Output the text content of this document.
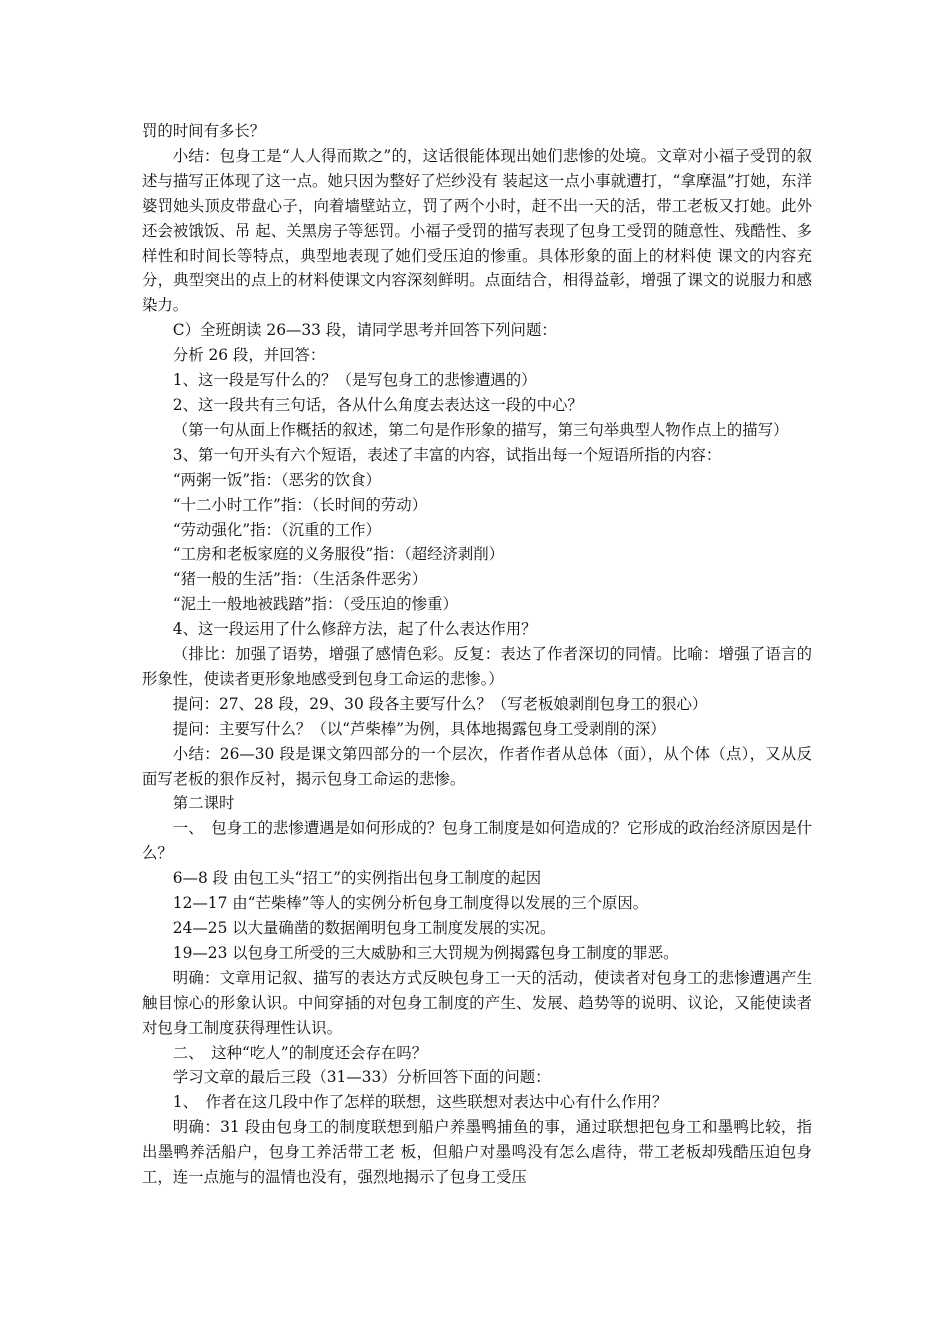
罚的时间有多长？

小结：包身工是“人人得而欺之”的，这话很能体现出她们悲惨的处境。文章对小福子受罚的叙述与描写正体现了这一点。她只因为整好了烂纱没有 装起这一点小事就遭打，“拿摩温”打她，东洋婆罚她头顶皮带盘心子，向着墙壁站立，罚了两个小时，赶不出一天的活，带工老板又打她。此外还会被饿饭、吊 起、关黑房子等惩罚。小福子受罚的描写表现了包身工受罚的随意性、残酷性、多样性和时间长等特点，典型地表现了她们受压迫的惨重。具体形象的面上的材料使 课文的内容充分，典型突出的点上的材料使课文内容深刻鲜明。点面结合，相得益彰，增强了课文的说服力和感染力。

C）全班朗读 26—33 段，请同学思考并回答下列问题：

分析 26 段，并回答：

1、这一段是写什么的？（是写包身工的悲惨遭遇的）

2、这一段共有三句话，各从什么角度去表达这一段的中心？

（第一句从面上作概括的叙述，第二句是作形象的描写，第三句举典型人物作点上的描写）

3、第一句开头有六个短语，表述了丰富的内容，试指出每一个短语所指的内容：

“两粥一饭”指：（恶劣的饮食）

“十二小时工作”指：（长时间的劳动）

“劳动强化”指：（沉重的工作）

“工房和老板家庭的义务服役”指：（超经济剥削）

“猪一般的生活”指：（生活条件恶劣）

“泥土一般地被践踏”指：（受压迫的惨重）

4、这一段运用了什么修辞方法，起了什么表达作用？

（排比：加强了语势，增强了感情色彩。反复：表达了作者深切的同情。比喻：增强了语言的形象性，使读者更形象地感受到包身工命运的悲惨。）

提问：27、28 段，29、30 段各主要写什么？（写老板娘剥削包身工的狠心）

提问：主要写什么？（以“芦柴棒”为例，具体地揭露包身工受剥削的深）

小结：26—30 段是课文第四部分的一个层次，作者作者从总体（面），从个体（点），又从反面写老板的狠作反衬，揭示包身工命运的悲惨。

第二课时

一、　包身工的悲惨遭遇是如何形成的？包身工制度是如何造成的？它形成的政治经济原因是什么？

6—8 段 由包工头“招工”的实例指出包身工制度的起因

12—17 由“芒柴棒”等人的实例分析包身工制度得以发展的三个原因。

24—25 以大量确凿的数据阐明包身工制度发展的实况。

19—23 以包身工所受的三大威胁和三大罚规为例揭露包身工制度的罪恶。

明确：文章用记叙、描写的表达方式反映包身工一天的活动，使读者对包身工的悲惨遭遇产生触目惊心的形象认识。中间穿插的对包身工制度的产生、发展、趋势等的说明、议论，又能使读者对包身工制度获得理性认识。

二、　这种“吃人”的制度还会存在吗？

学习文章的最后三段（31—33）分析回答下面的问题：

1、　作者在这几段中作了怎样的联想，这些联想对表达中心有什么作用？

明确：31 段由包身工的制度联想到船户养墨鸭捕鱼的事，通过联想把包身工和墨鸭比较，指出墨鸭养活船户，包身工养活带工老 板，但船户对墨鸣没有怎么虐待，带工老板却残酷压迫包身工，连一点施与的温情也没有，强烈地揭示了包身工受压
